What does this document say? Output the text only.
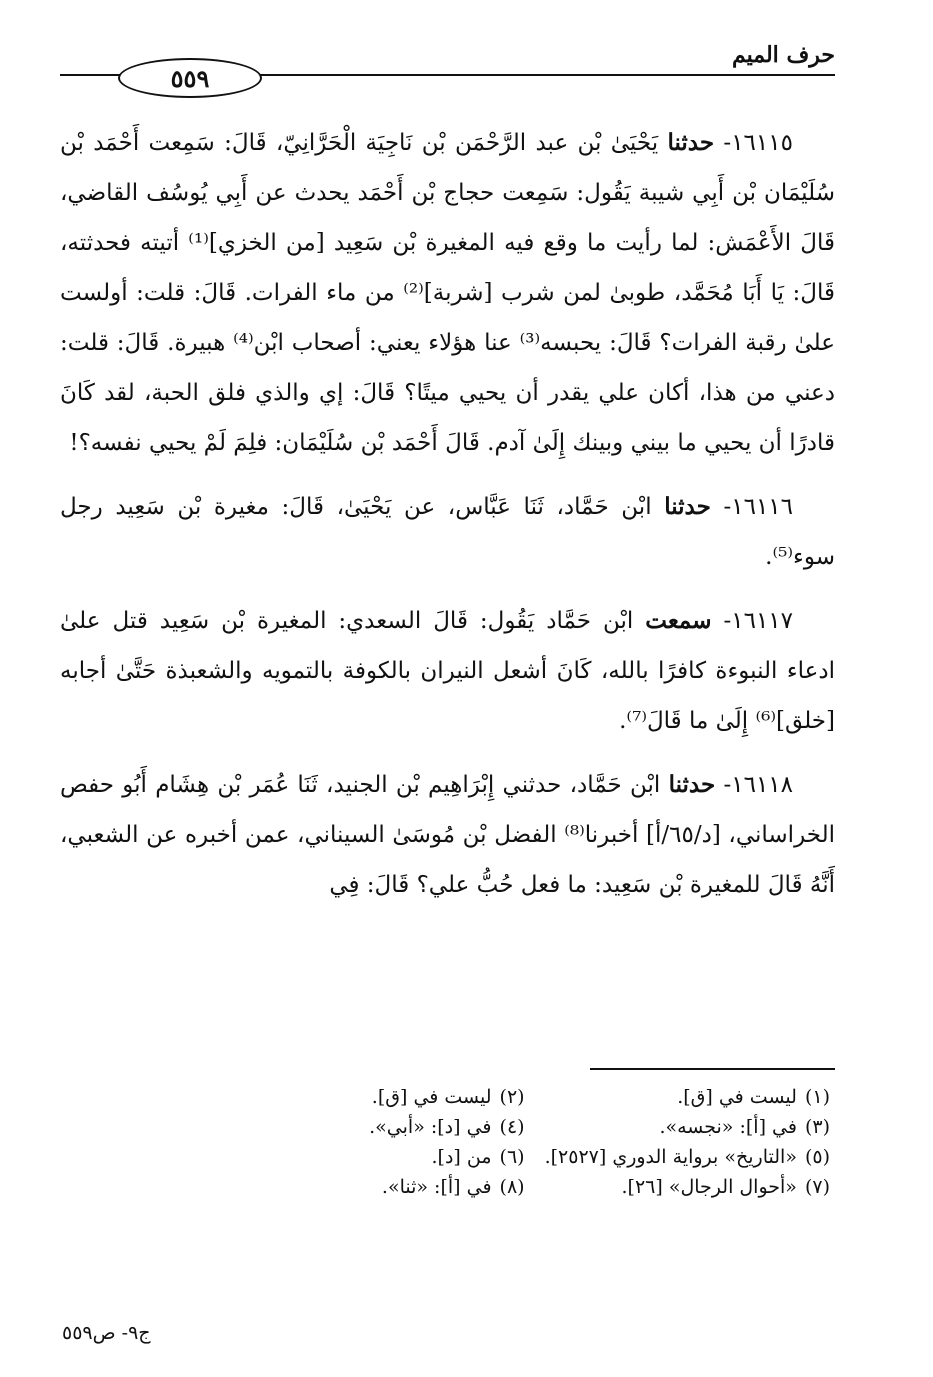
حرف الميم
٥٥٩

١٦١١٥- حدثنا يَحْيَىٰ بْن عبد الرَّحْمَن بْن نَاجِيَة الْحَرَّانِيّ، قَالَ: سَمِعت أَحْمَد بْن سُلَيْمَان بْن أَبِي شيبة يَقُول: سَمِعت حجاج بْن أَحْمَد يحدث عن أَبِي يُوسُف القاضي، قَالَ الأَعْمَش: لما رأيت ما وقع فيه المغيرة بْن سَعِيد [من الخزي]⁽¹⁾ أتيته فحدثته، قَالَ: يَا أَبَا مُحَمَّد، طوبىٰ لمن شرب [شربة]⁽²⁾ من ماء الفرات. قَالَ: قلت: أولست علىٰ رقبة الفرات؟ قَالَ: يحبسه⁽³⁾ عنا هؤلاء يعني: أصحاب ابْن⁽⁴⁾ هبيرة. قَالَ: قلت: دعني من هذا، أكان علي يقدر أن يحيي ميتًا؟ قَالَ: إي والذي فلق الحبة، لقد كَانَ قادرًا أن يحيي ما بيني وبينك إِلَىٰ آدم. قَالَ أَحْمَد بْن سُلَيْمَان: فلِمَ لَمْ يحيي نفسه؟!

١٦١١٦- حدثنا ابْن حَمَّاد، ثَنَا عَبَّاس، عن يَحْيَىٰ، قَالَ: مغيرة بْن سَعِيد رجل سوء⁽⁵⁾.

١٦١١٧- سمعت ابْن حَمَّاد يَقُول: قَالَ السعدي: المغيرة بْن سَعِيد قتل علىٰ ادعاء النبوءة كافرًا بالله، كَانَ أشعل النيران بالكوفة بالتمويه والشعبذة حَتَّىٰ أجابه [خلق]⁽⁶⁾ إِلَىٰ ما قَالَ⁽⁷⁾.

١٦١١٨- حدثنا ابْن حَمَّاد، حدثني إِبْرَاهِيم بْن الجنيد، ثَنَا عُمَر بْن هِشَام أَبُو حفص الخراساني، [د/٦٥/أ] أخبرنا⁽⁸⁾ الفضل بْن مُوسَىٰ السيناني، عمن أخبره عن الشعبي، أَنَّهُ قَالَ للمغيرة بْن سَعِيد: ما فعل حُبُّ علي؟ قَالَ: فِي

(١)ليست في [ق].
(٢)ليست في [ق].
(٣)في [أ]: «نجسه».
(٤)في [د]: «أبي».
(٥)«التاريخ» برواية الدوري [٢٥٢٧].
(٦)من [د].
(٧)«أحوال الرجال» [٢٦].
(٨)في [أ]: «ثنا».
ج٩- ص٥٥٩
